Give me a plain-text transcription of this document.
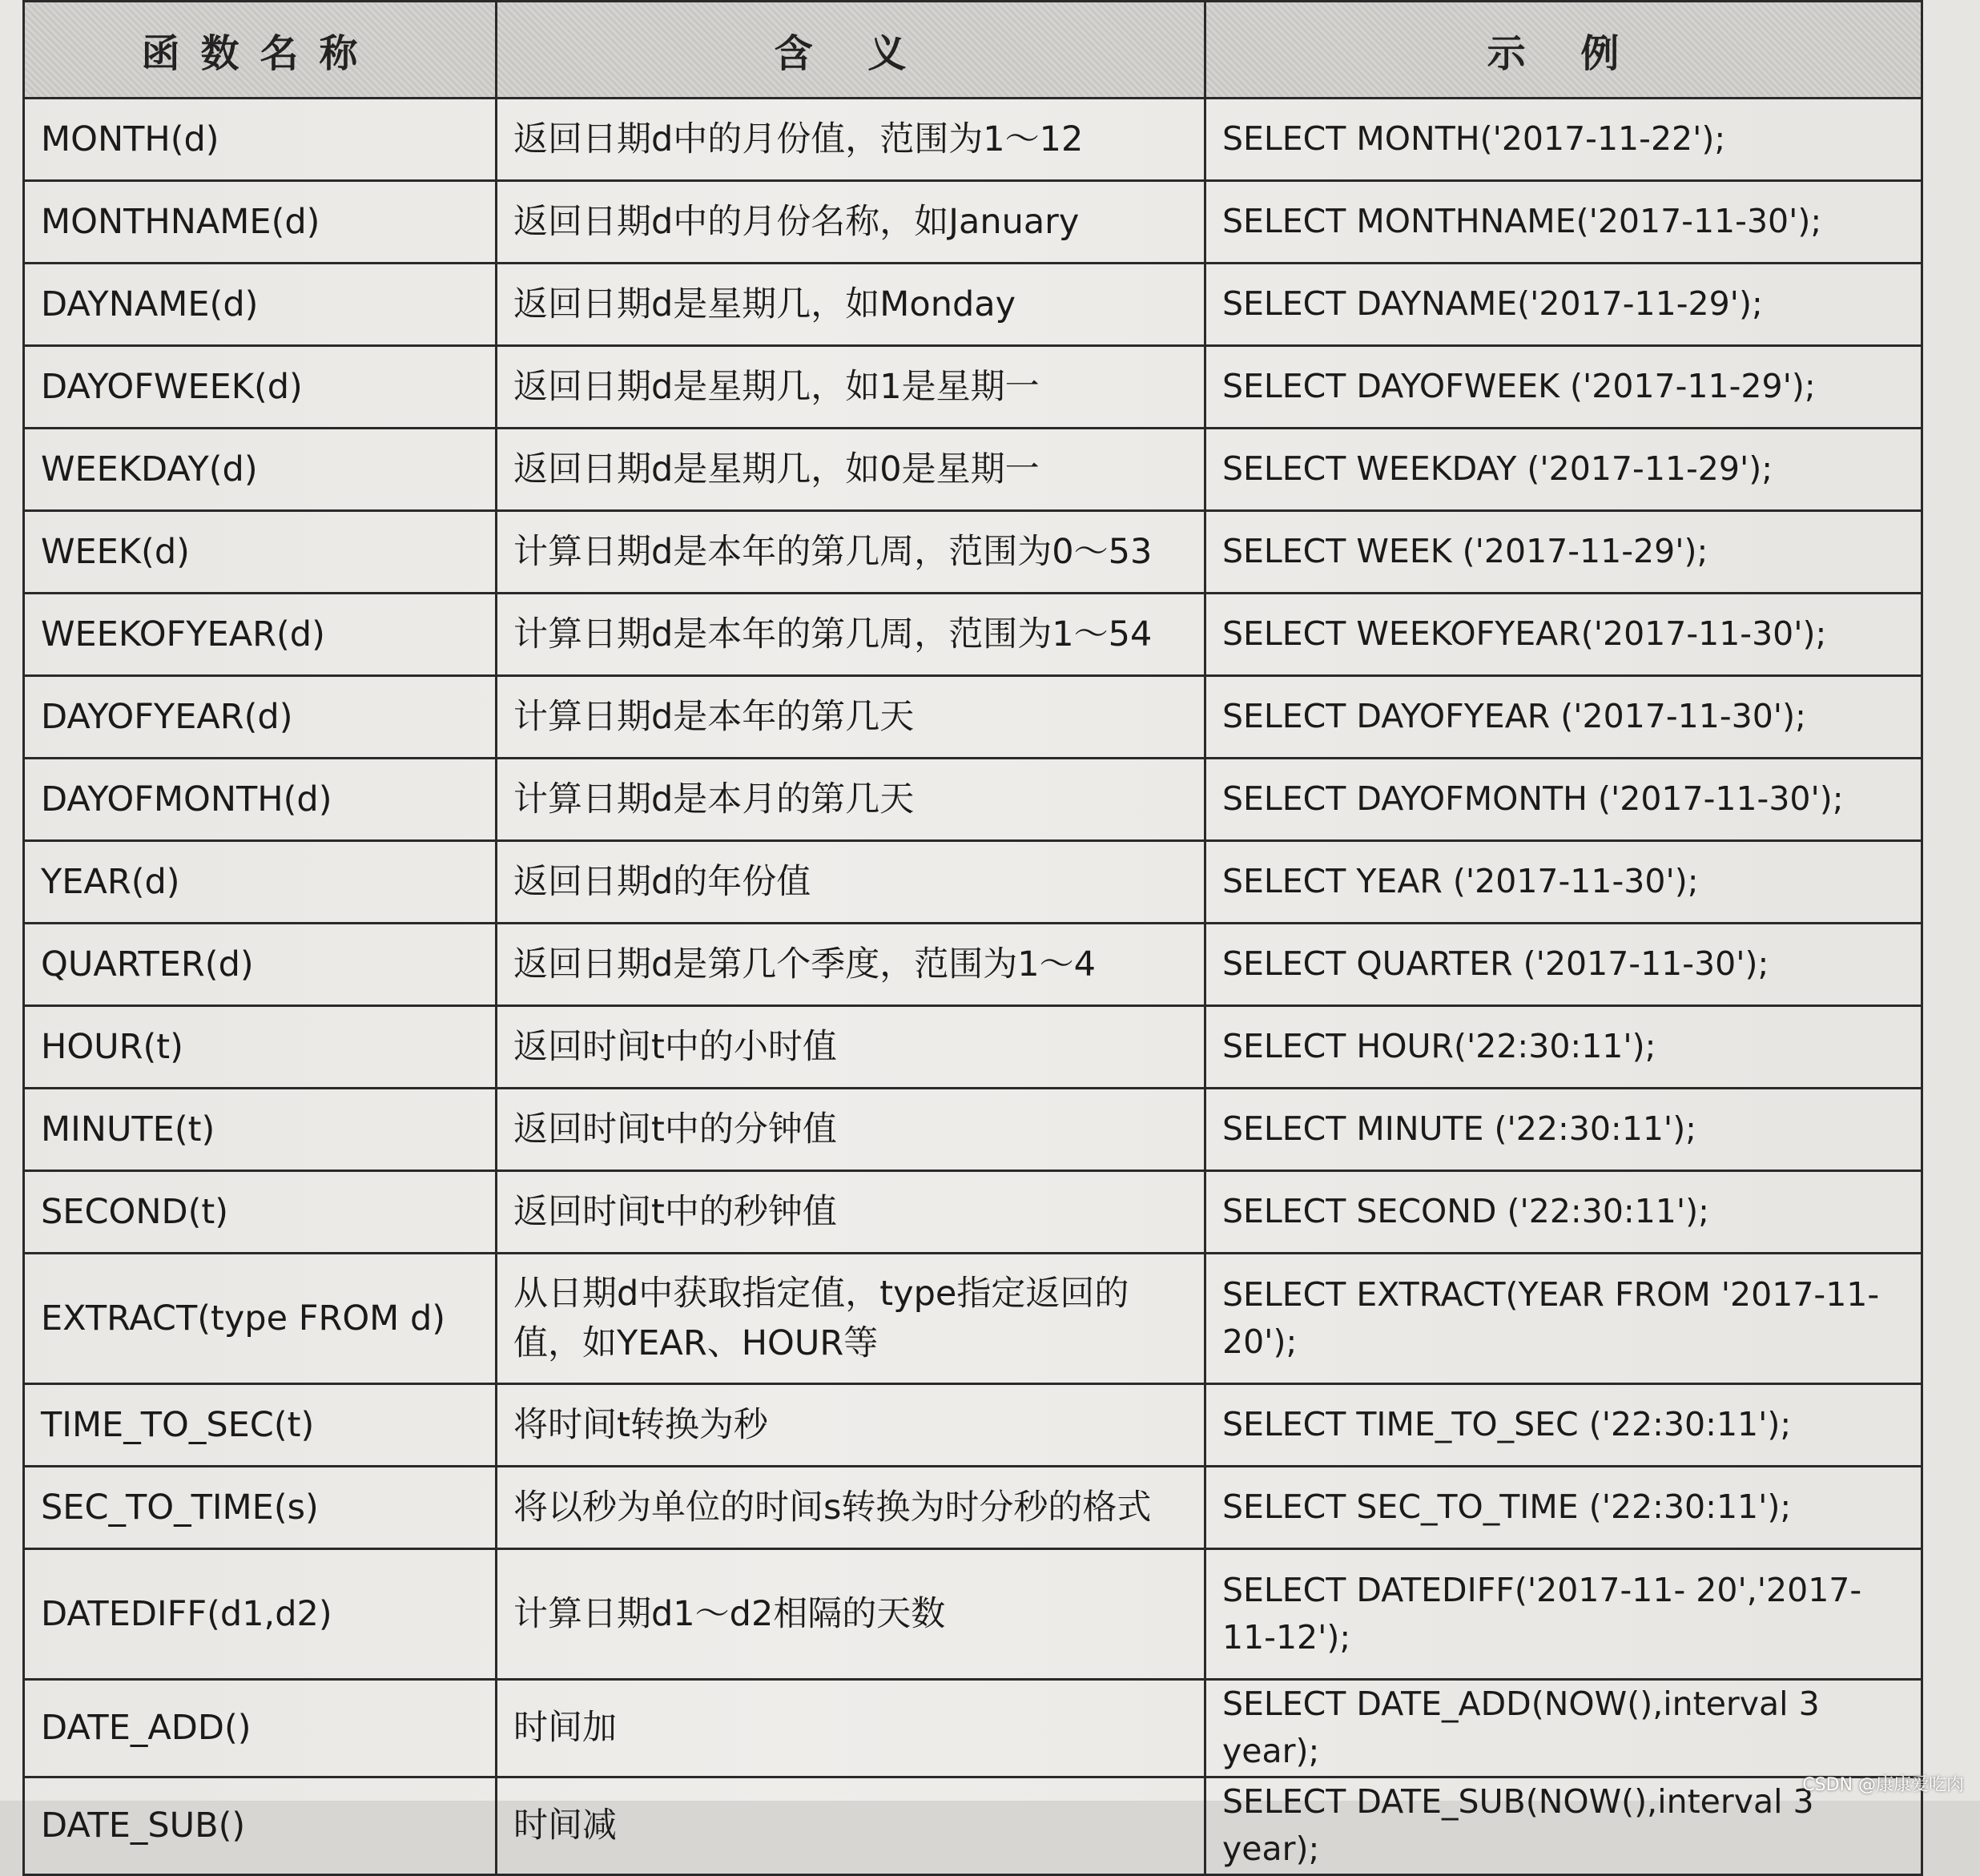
函数名称	含 义	示 例
MONTH(d)	返回日期d中的月份值，范围为1～12	SELECT MONTH('2017-11-22');
MONTHNAME(d)	返回日期d中的月份名称，如January	SELECT MONTHNAME('2017-11-30');
DAYNAME(d)	返回日期d是星期几，如Monday	SELECT DAYNAME('2017-11-29');
DAYOFWEEK(d)	返回日期d是星期几，如1是星期一	SELECT DAYOFWEEK ('2017-11-29');
WEEKDAY(d)	返回日期d是星期几，如0是星期一	SELECT WEEKDAY ('2017-11-29');
WEEK(d)	计算日期d是本年的第几周，范围为0～53	SELECT WEEK ('2017-11-29');
WEEKOFYEAR(d)	计算日期d是本年的第几周，范围为1～54	SELECT WEEKOFYEAR('2017-11-30');
DAYOFYEAR(d)	计算日期d是本年的第几天	SELECT DAYOFYEAR ('2017-11-30');
DAYOFMONTH(d)	计算日期d是本月的第几天	SELECT DAYOFMONTH ('2017-11-30');
YEAR(d)	返回日期d的年份值	SELECT YEAR ('2017-11-30');
QUARTER(d)	返回日期d是第几个季度，范围为1～4	SELECT QUARTER ('2017-11-30');
HOUR(t)	返回时间t中的小时值	SELECT HOUR('22:30:11');
MINUTE(t)	返回时间t中的分钟值	SELECT MINUTE ('22:30:11');
SECOND(t)	返回时间t中的秒钟值	SELECT SECOND ('22:30:11');
EXTRACT(type FROM d)	从日期d中获取指定值，type指定返回的值，如YEAR、HOUR等	SELECT EXTRACT(YEAR FROM '2017-11-20');
TIME_TO_SEC(t)	将时间t转换为秒	SELECT TIME_TO_SEC ('22:30:11');
SEC_TO_TIME(s)	将以秒为单位的时间s转换为时分秒的格式	SELECT SEC_TO_TIME ('22:30:11');
DATEDIFF(d1,d2)	计算日期d1～d2相隔的天数	SELECT DATEDIFF('2017-11- 20','2017-11-12');
DATE_ADD()	时间加	SELECT DATE_ADD(NOW(),interval 3 year);
DATE_SUB()	时间减	SELECT DATE_SUB(NOW(),interval 3 year);
CSDN @康康爱吃肉
